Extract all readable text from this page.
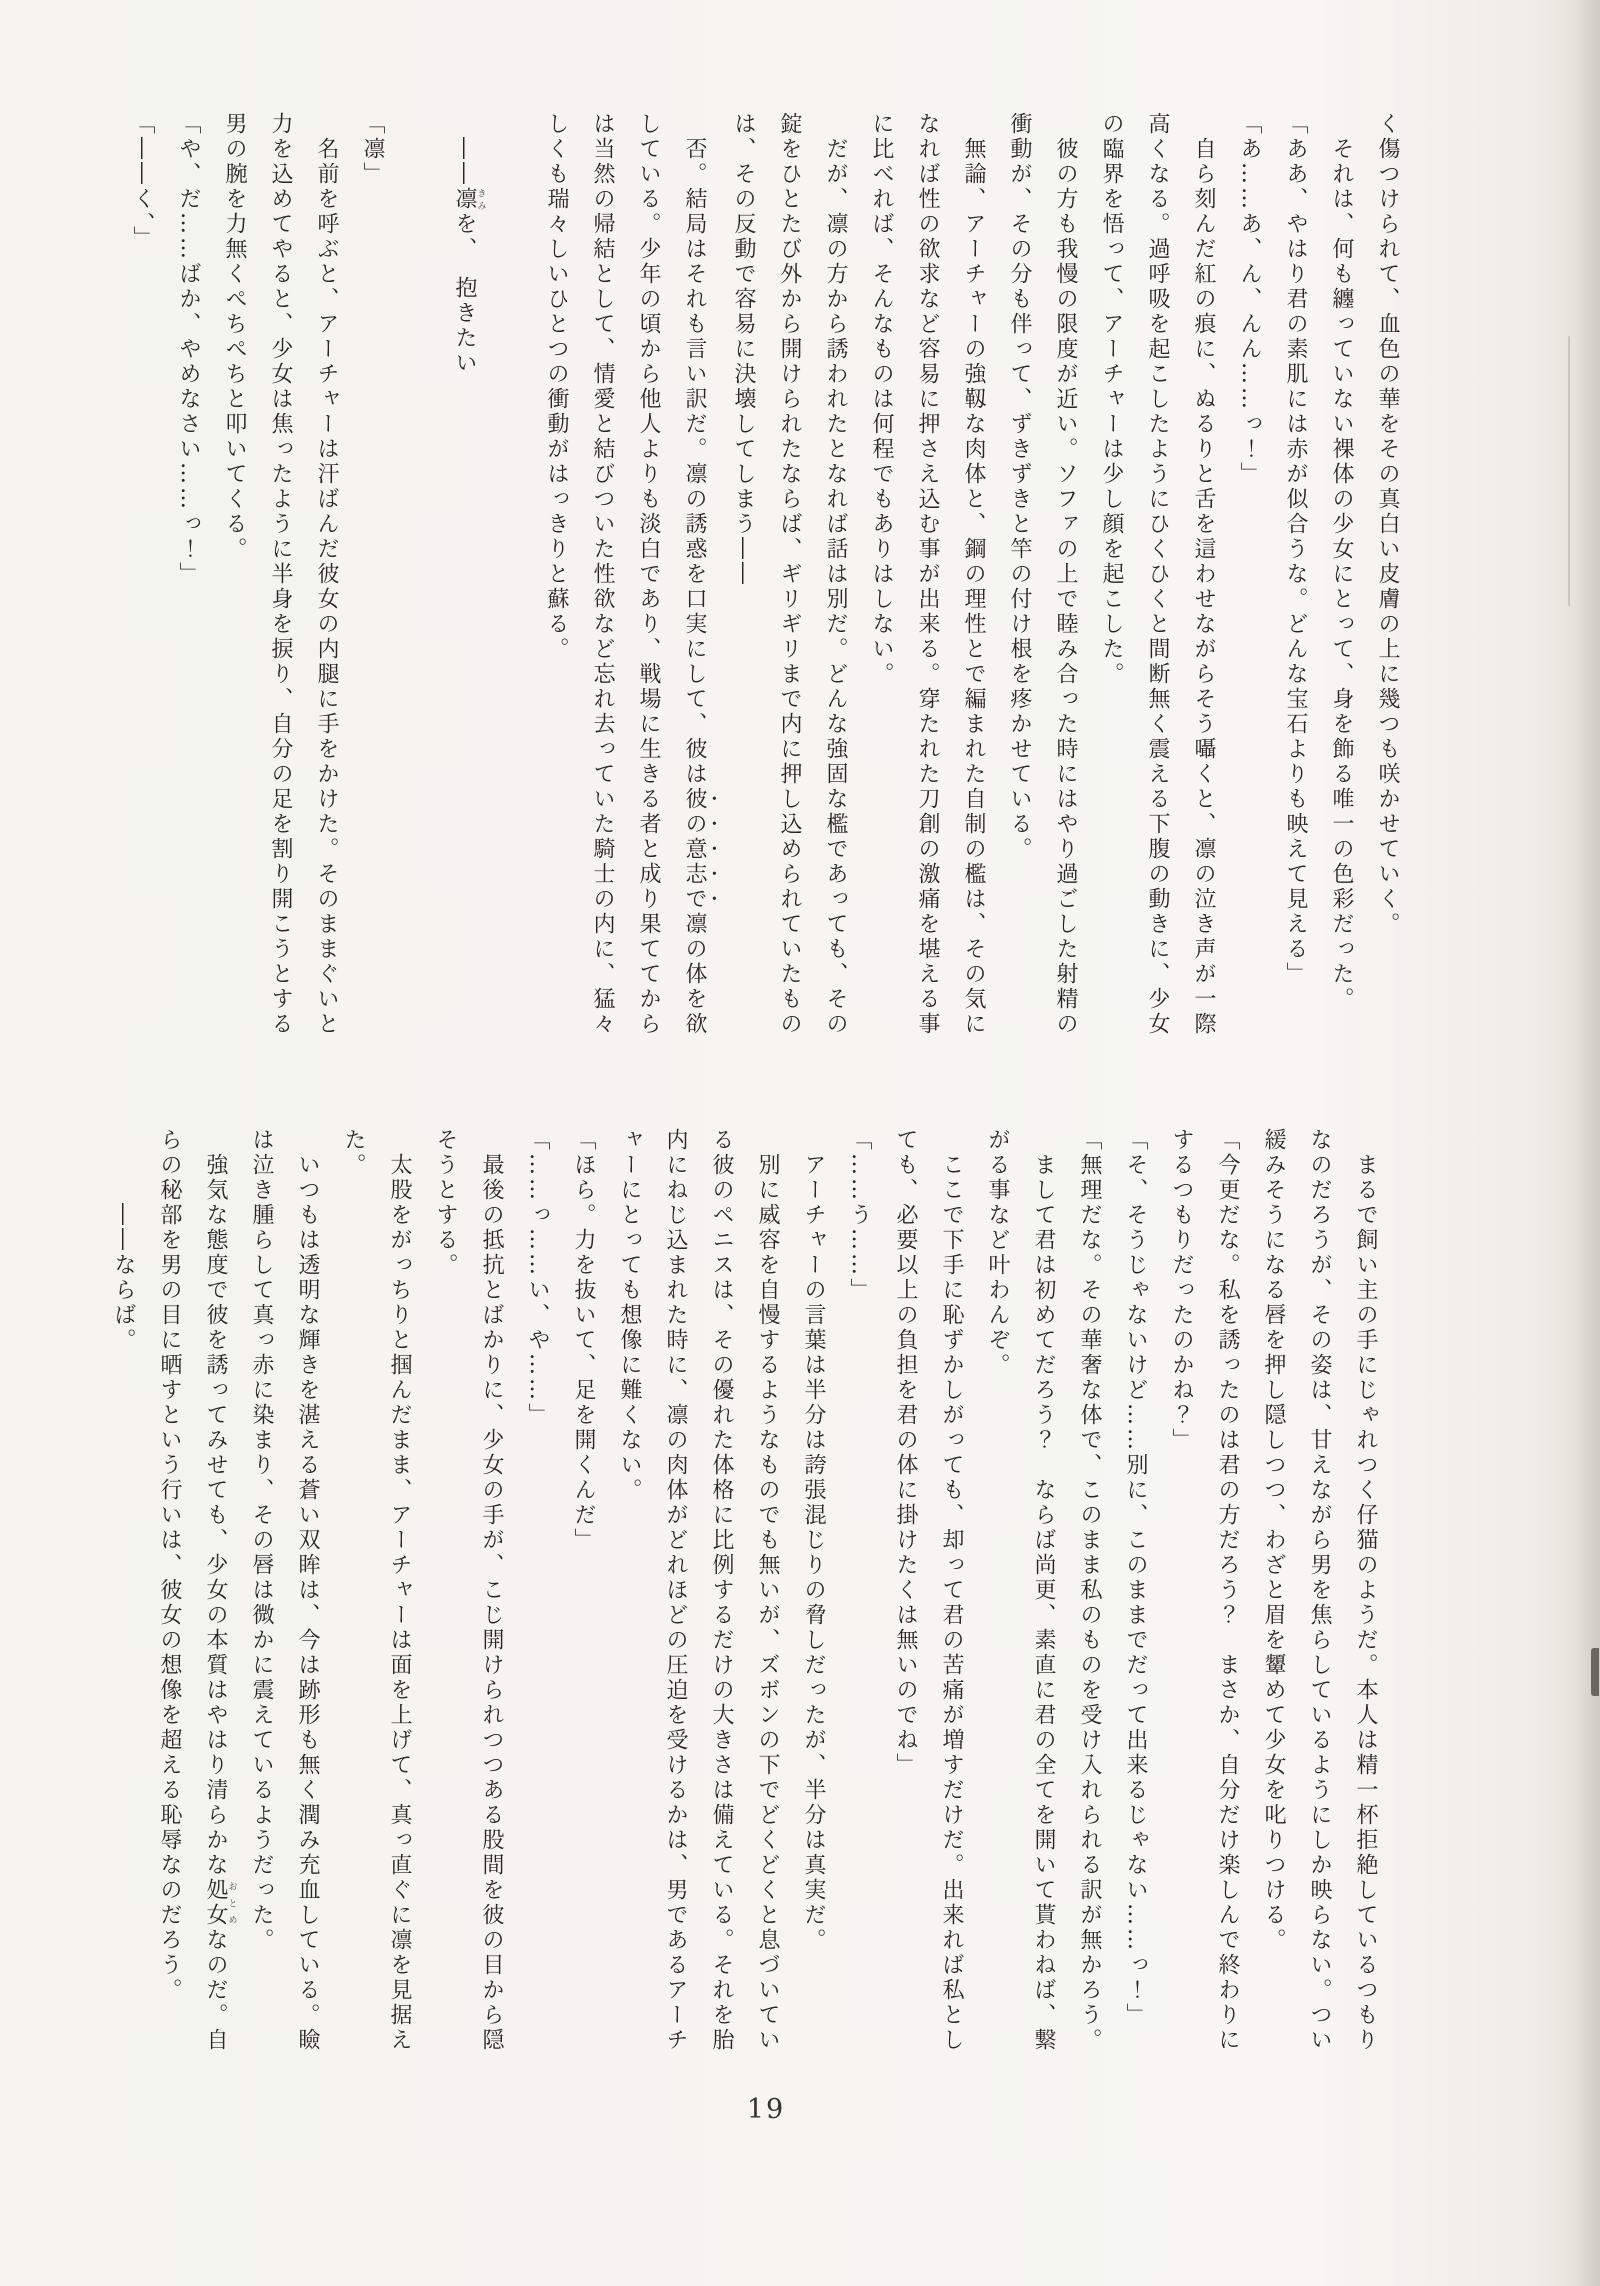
く傷つけられて、血色の華をその真白い皮膚の上に幾つも咲かせていく。
それは、何も纏っていない裸体の少女にとって、身を飾る唯一の色彩だった。
「ああ、やはり君の素肌には赤が似合うな。どんな宝石よりも映えて見える」
「あ……あ、ん、んん……っ！」
自ら刻んだ紅の痕に、ぬるりと舌を這わせながらそう囁くと、凛の泣き声が一際
高くなる。過呼吸を起こしたようにひくひくと間断無く震える下腹の動きに、少女
の臨界を悟って、アーチャーは少し顔を起こした。
彼の方も我慢の限度が近い。ソファの上で睦み合った時にはやり過ごした射精の
衝動が、その分も伴って、ずきずきと竿の付け根を疼かせている。
無論、アーチャーの強靱な肉体と、鋼の理性とで編まれた自制の檻は、その気に
なれば性の欲求など容易に押さえ込む事が出来る。穿たれた刀創の激痛を堪える事
に比べれば、そんなものは何程でもありはしない。
だが、凛の方から誘われたとなれば話は別だ。どんな強固な檻であっても、その
錠をひとたび外から開けられたならば、ギリギリまで内に押し込められていたもの
は、その反動で容易に決壊してしまう――
否。結局はそれも言い訳だ。凛の誘惑を口実にして、彼は彼の意志で凛の体を欲
している。少年の頃から他人よりも淡白であり、戦場に生きる者と成り果ててから
は当然の帰結として、情愛と結びついた性欲など忘れ去っていた騎士の内に、猛々
しくも瑞々しいひとつの衝動がはっきりと蘇る。
――凛きみを、　抱きたい
「凛」
名前を呼ぶと、アーチャーは汗ばんだ彼女の内腿に手をかけた。そのままぐいと
力を込めてやると、少女は焦ったように半身を捩り、自分の足を割り開こうとする
男の腕を力無くぺちぺちと叩いてくる。
「や、だ……ばか、やめなさい……っ！」
「――く、」
まるで飼い主の手にじゃれつく仔猫のようだ。本人は精一杯拒絶しているつもり
なのだろうが、その姿は、甘えながら男を焦らしているようにしか映らない。つい
緩みそうになる唇を押し隠しつつ、わざと眉を顰めて少女を叱りつける。
「今更だな。私を誘ったのは君の方だろう？　まさか、自分だけ楽しんで終わりに
するつもりだったのかね？」
「そ、そうじゃないけど……別に、このままでだって出来るじゃない……っ！」
「無理だな。その華奢な体で、このまま私のものを受け入れられる訳が無かろう。
まして君は初めてだろう？　ならば尚更、素直に君の全てを開いて貰わねば、繋
がる事など叶わんぞ。
ここで下手に恥ずかしがっても、却って君の苦痛が増すだけだ。出来れば私とし
ても、必要以上の負担を君の体に掛けたくは無いのでね」
「……う……」
アーチャーの言葉は半分は誇張混じりの脅しだったが、半分は真実だ。
別に威容を自慢するようなものでも無いが、ズボンの下でどくどくと息づいてい
る彼のペニスは、その優れた体格に比例するだけの大きさは備えている。それを胎
内にねじ込まれた時に、凛の肉体がどれほどの圧迫を受けるかは、男であるアーチ
ャーにとっても想像に難くない。
「ほら。力を抜いて、足を開くんだ」
「……っ……い、や……」
最後の抵抗とばかりに、少女の手が、こじ開けられつつある股間を彼の目から隠
そうとする。
太股をがっちりと掴んだまま、アーチャーは面を上げて、真っ直ぐに凛を見据え
た。
いつもは透明な輝きを湛える蒼い双眸は、今は跡形も無く潤み充血している。瞼
は泣き腫らして真っ赤に染まり、その唇は微かに震えているようだった。
強気な態度で彼を誘ってみせても、少女の本質はやはり清らかな処女おとめなのだ。自
らの秘部を男の目に晒すという行いは、彼女の想像を超える恥辱なのだろう。
――ならば。
19
